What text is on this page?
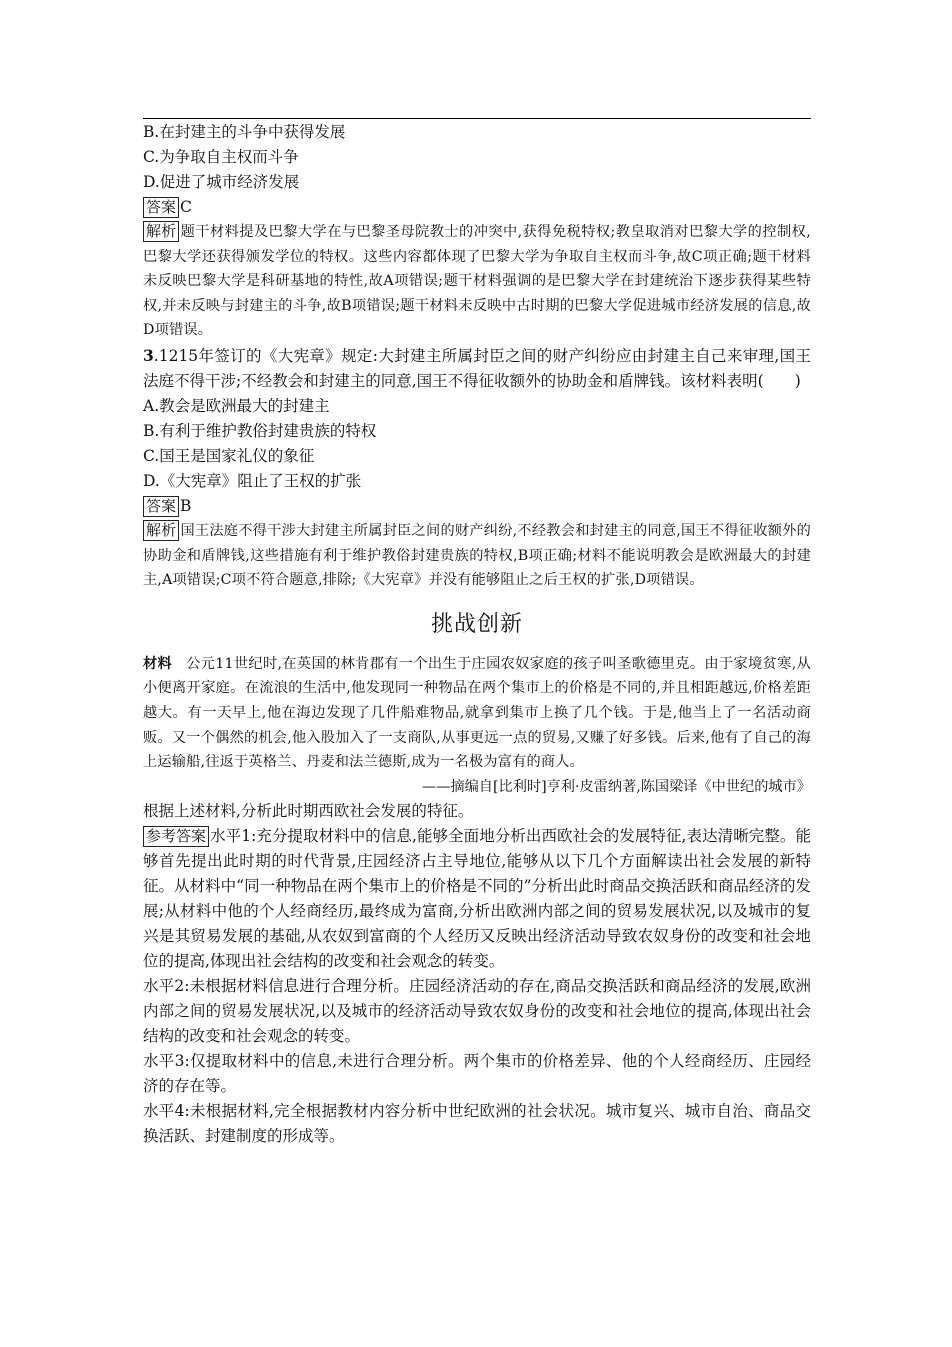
B.在封建主的斗争中获得发展
C.为争取自主权而斗争
D.促进了城市经济发展
答案 C
解析 题干材料提及巴黎大学在与巴黎圣母院教士的冲突中,获得免税特权;教皇取消对巴黎大学的控制权,巴黎大学还获得颁发学位的特权。这些内容都体现了巴黎大学为争取自主权而斗争,故C项正确;题干材料未反映巴黎大学是科研基地的特性,故A项错误;题干材料强调的是巴黎大学在封建统治下逐步获得某些特权,并未反映与封建主的斗争,故B项错误;题干材料未反映中古时期的巴黎大学促进城市经济发展的信息,故D项错误。
3.1215年签订的《大宪章》规定:大封建主所属封臣之间的财产纠纷应由封建主自己来审理,国王法庭不得干涉;不经教会和封建主的同意,国王不得征收额外的协助金和盾牌钱。该材料表明(　　)
A.教会是欧洲最大的封建主
B.有利于维护教俗封建贵族的特权
C.国王是国家礼仪的象征
D.《大宪章》阻止了王权的扩张
答案 B
解析 国王法庭不得干涉大封建主所属封臣之间的财产纠纷,不经教会和封建主的同意,国王不得征收额外的协助金和盾牌钱,这些措施有利于维护教俗封建贵族的特权,B项正确;材料不能说明教会是欧洲最大的封建主,A项错误;C项不符合题意,排除;《大宪章》并没有能够阻止之后王权的扩张,D项错误。
挑战创新
材料 公元11世纪时,在英国的林肯郡有一个出生于庄园农奴家庭的孩子叫圣歌德里克。由于家境贫寒,从小便离开家庭。在流浪的生活中,他发现同一种物品在两个集市上的价格是不同的,并且相距越远,价格差距越大。有一天早上,他在海边发现了几件船难物品,就拿到集市上换了几个钱。于是,他当上了一名活动商贩。又一个偶然的机会,他入股加入了一支商队,从事更远一点的贸易,又赚了好多钱。后来,他有了自己的海上运输船,往返于英格兰、丹麦和法兰德斯,成为一名极为富有的商人。
——摘编自[比利时]亨利·皮雷纳著,陈国梁译《中世纪的城市》
根据上述材料,分析此时期西欧社会发展的特征。
参考答案 水平1:充分提取材料中的信息,能够全面地分析出西欧社会的发展特征,表达清晰完整。能够首先提出此时期的时代背景,庄园经济占主导地位,能够从以下几个方面解读出社会发展的新特征。从材料中“同一种物品在两个集市上的价格是不同的”分析出此时商品交换活跃和商品经济的发展;从材料中他的个人经商经历,最终成为富商,分析出欧洲内部之间的贸易发展状况,以及城市的复兴是其贸易发展的基础,从农奴到富商的个人经历又反映出经济活动导致农奴身份的改变和社会地位的提高,体现出社会结构的改变和社会观念的转变。
水平2:未根据材料信息进行合理分析。庄园经济活动的存在,商品交换活跃和商品经济的发展,欧洲内部之间的贸易发展状况,以及城市的经济活动导致农奴身份的改变和社会地位的提高,体现出社会结构的改变和社会观念的转变。
水平3:仅提取材料中的信息,未进行合理分析。两个集市的价格差异、他的个人经商经历、庄园经济的存在等。
水平4:未根据材料,完全根据教材内容分析中世纪欧洲的社会状况。城市复兴、城市自治、商品交换活跃、封建制度的形成等。
